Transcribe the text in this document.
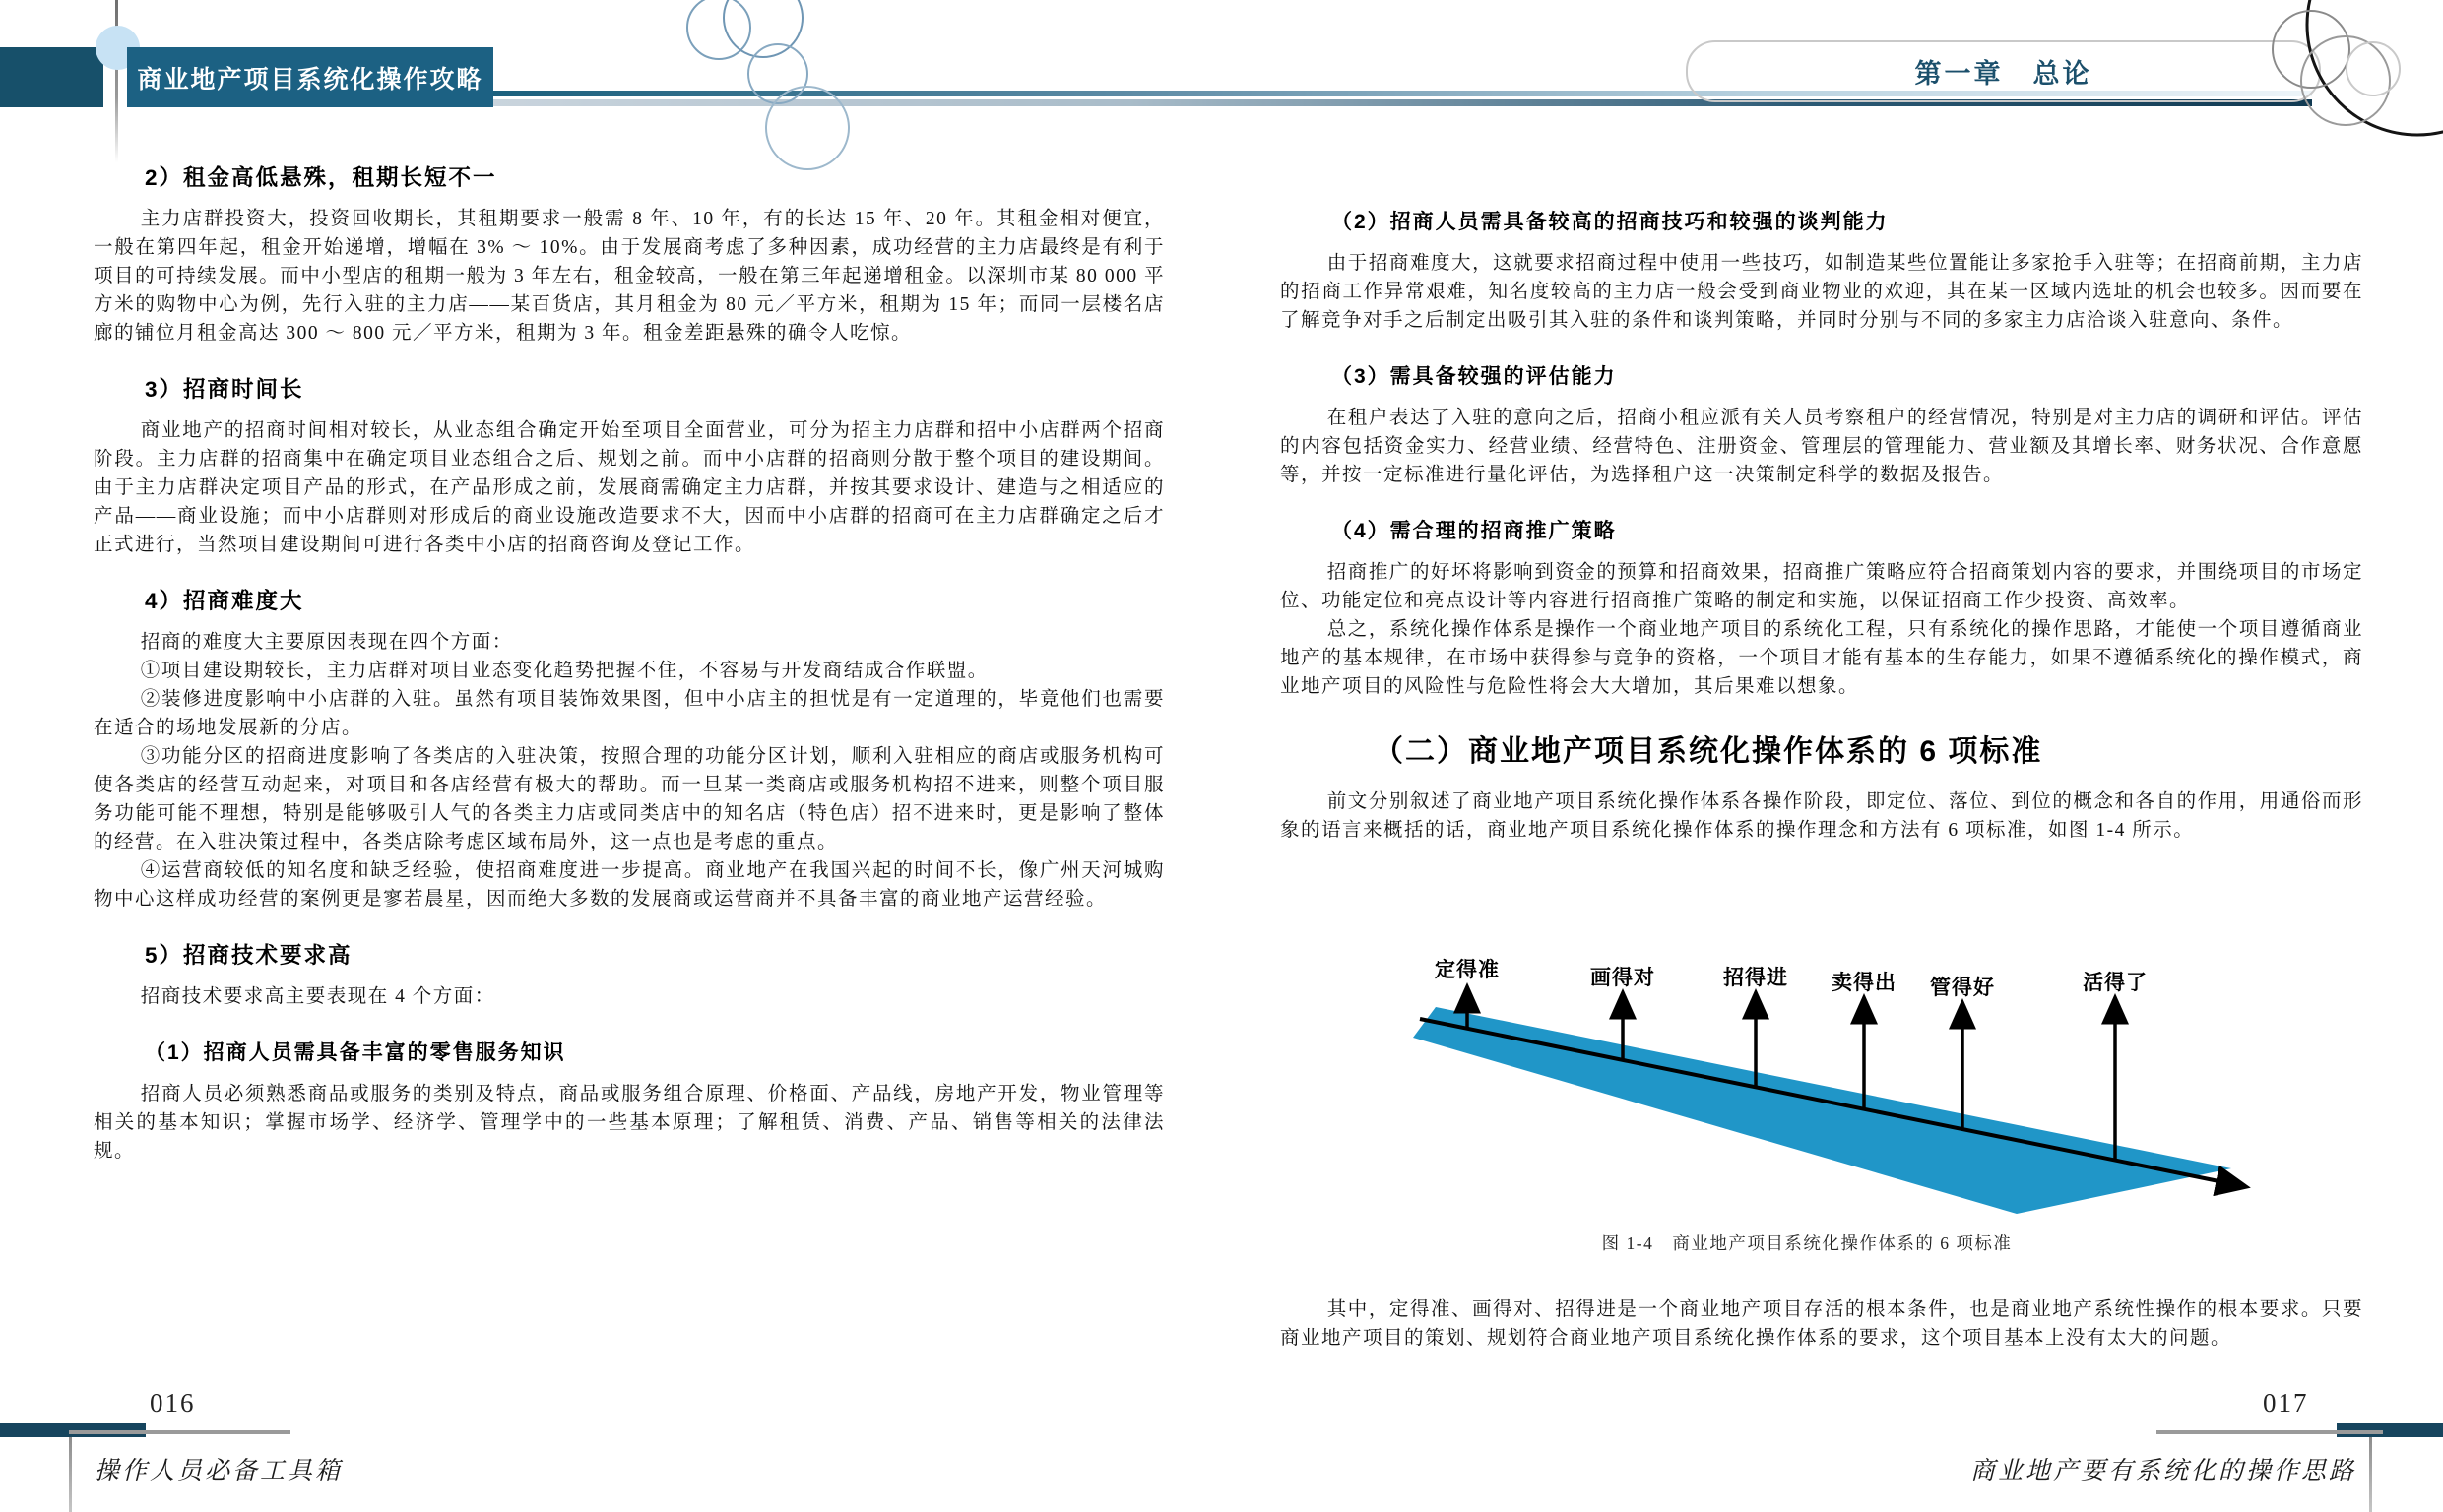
商业地产项目系统化操作攻略	第一章　总论
2）租金高低悬殊，租期长短不一

主力店群投资大，投资回收期长，其租期要求一般需 8 年、10 年，有的长达 15 年、20 年。其租金相对便宜，一般在第四年起，租金开始递增，增幅在 3% ～ 10%。由于发展商考虑了多种因素，成功经营的主力店最终是有利于项目的可持续发展。而中小型店的租期一般为 3 年左右，租金较高，一般在第三年起递增租金。以深圳市某 80 000 平方米的购物中心为例，先行入驻的主力店——某百货店，其月租金为 80 元／平方米，租期为 15 年；而同一层楼名店廊的铺位月租金高达 300 ～ 800 元／平方米，租期为 3 年。租金差距悬殊的确令人吃惊。

3）招商时间长

商业地产的招商时间相对较长，从业态组合确定开始至项目全面营业，可分为招主力店群和招中小店群两个招商阶段。主力店群的招商集中在确定项目业态组合之后、规划之前。而中小店群的招商则分散于整个项目的建设期间。由于主力店群决定项目产品的形式，在产品形成之前，发展商需确定主力店群，并按其要求设计、建造与之相适应的产品——商业设施；而中小店群则对形成后的商业设施改造要求不大，因而中小店群的招商可在主力店群确定之后才正式进行，当然项目建设期间可进行各类中小店的招商咨询及登记工作。

4）招商难度大

招商的难度大主要原因表现在四个方面：

①项目建设期较长，主力店群对项目业态变化趋势把握不住，不容易与开发商结成合作联盟。

②装修进度影响中小店群的入驻。虽然有项目装饰效果图，但中小店主的担忧是有一定道理的，毕竟他们也需要在适合的场地发展新的分店。

③功能分区的招商进度影响了各类店的入驻决策，按照合理的功能分区计划，顺利入驻相应的商店或服务机构可使各类店的经营互动起来，对项目和各店经营有极大的帮助。而一旦某一类商店或服务机构招不进来，则整个项目服务功能可能不理想，特别是能够吸引人气的各类主力店或同类店中的知名店（特色店）招不进来时，更是影响了整体的经营。在入驻决策过程中，各类店除考虑区域布局外，这一点也是考虑的重点。

④运营商较低的知名度和缺乏经验，使招商难度进一步提高。商业地产在我国兴起的时间不长，像广州天河城购物中心这样成功经营的案例更是寥若晨星，因而绝大多数的发展商或运营商并不具备丰富的商业地产运营经验。

5）招商技术要求高

招商技术要求高主要表现在 4 个方面：

（1）招商人员需具备丰富的零售服务知识

招商人员必须熟悉商品或服务的类别及特点，商品或服务组合原理、价格面、产品线，房地产开发，物业管理等相关的基本知识；掌握市场学、经济学、管理学中的一些基本原理；了解租赁、消费、产品、销售等相关的法律法规。

（2）招商人员需具备较高的招商技巧和较强的谈判能力

由于招商难度大，这就要求招商过程中使用一些技巧，如制造某些位置能让多家抢手入驻等；在招商前期，主力店的招商工作异常艰难，知名度较高的主力店一般会受到商业物业的欢迎，其在某一区域内选址的机会也较多。因而要在了解竞争对手之后制定出吸引其入驻的条件和谈判策略，并同时分别与不同的多家主力店洽谈入驻意向、条件。

（3）需具备较强的评估能力

在租户表达了入驻的意向之后，招商小租应派有关人员考察租户的经营情况，特别是对主力店的调研和评估。评估的内容包括资金实力、经营业绩、经营特色、注册资金、管理层的管理能力、营业额及其增长率、财务状况、合作意愿等，并按一定标准进行量化评估，为选择租户这一决策制定科学的数据及报告。

（4）需合理的招商推广策略

招商推广的好坏将影响到资金的预算和招商效果，招商推广策略应符合招商策划内容的要求，并围绕项目的市场定位、功能定位和亮点设计等内容进行招商推广策略的制定和实施，以保证招商工作少投资、高效率。

总之，系统化操作体系是操作一个商业地产项目的系统化工程，只有系统化的操作思路，才能使一个项目遵循商业地产的基本规律，在市场中获得参与竞争的资格，一个项目才能有基本的生存能力，如果不遵循系统化的操作模式，商业地产项目的风险性与危险性将会大大增加，其后果难以想象。

（二）商业地产项目系统化操作体系的 6 项标准

前文分别叙述了商业地产项目系统化操作体系各操作阶段，即定位、落位、到位的概念和各自的作用，用通俗而形象的语言来概括的话，商业地产项目系统化操作体系的操作理念和方法有 6 项标准，如图 1-4 所示。

定得准	画得对	招得进 卖得出 管得好	活得了
图 1-4　商业地产项目系统化操作体系的 6 项标准

其中，定得准、画得对、招得进是一个商业地产项目存活的根本条件，也是商业地产系统性操作的根本要求。只要商业地产项目的策划、规划符合商业地产项目系统化操作体系的要求，这个项目基本上没有太大的问题。

016
操作人员必备工具箱
017
商业地产要有系统化的操作思路
